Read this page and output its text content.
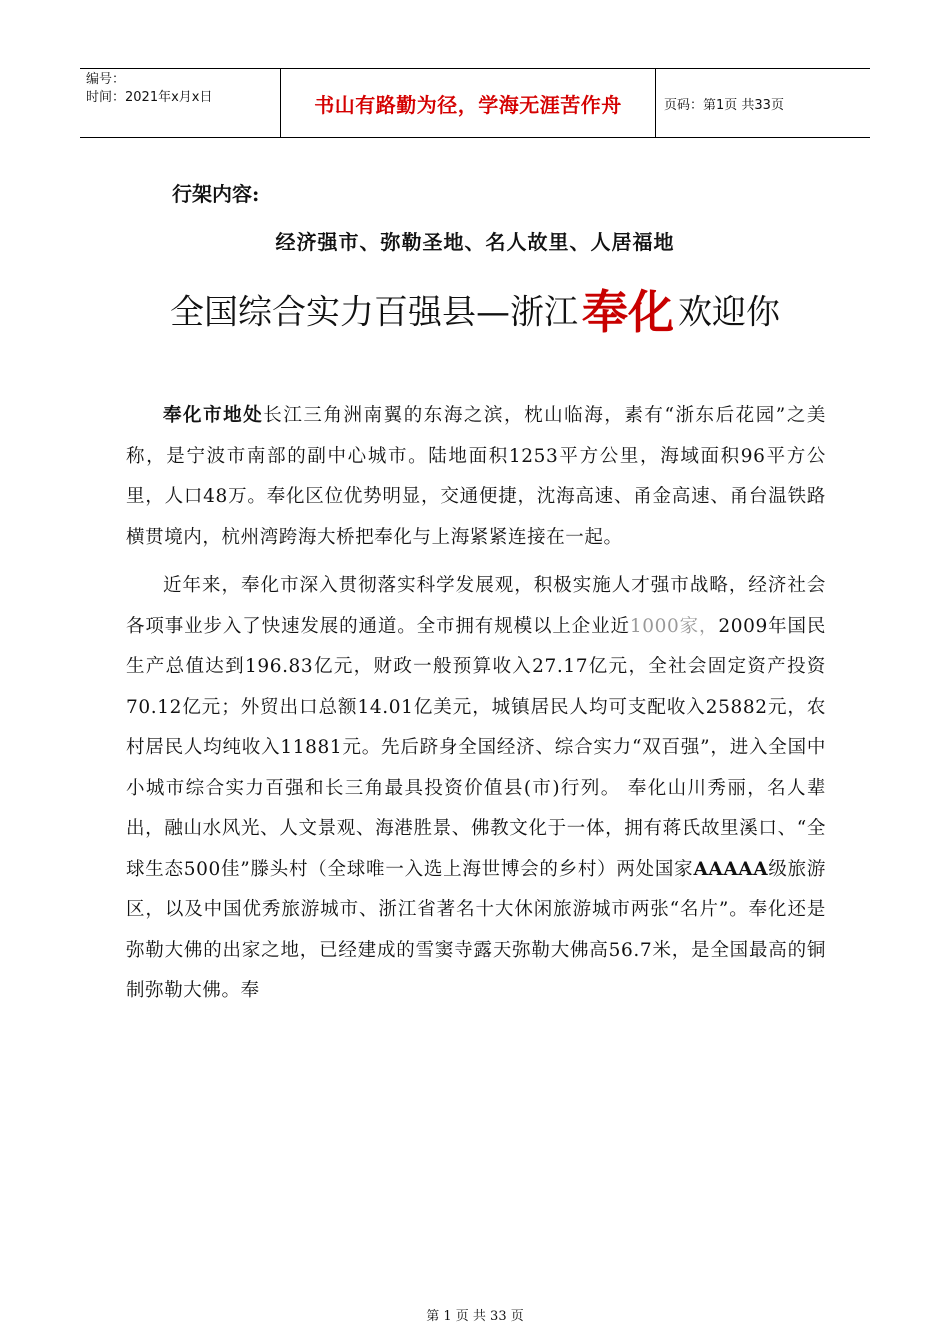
编号：
时间：2021年x月x日	书山有路勤为径，学海无涯苦作舟	页码：第1页 共33页
行架内容:
经济强市、弥勒圣地、名人故里、人居福地
全国综合实力百强县—浙江奉化 欢迎你

奉化市地处长江三角洲南翼的东海之滨，枕山临海，素有“浙东后花园”之美称，是宁波市南部的副中心城市。陆地面积1253平方公里，海域面积96平方公里，人口48万。奉化区位优势明显，交通便捷，沈海高速、甬金高速、甬台温铁路横贯境内，杭州湾跨海大桥把奉化与上海紧紧连接在一起。

近年来，奉化市深入贯彻落实科学发展观，积极实施人才强市战略，经济社会各项事业步入了快速发展的通道。全市拥有规模以上企业近1000家，2009年国民生产总值达到196.83亿元，财政一般预算收入27.17亿元，全社会固定资产投资70.12亿元；外贸出口总额14.01亿美元，城镇居民人均可支配收入25882元，农村居民人均纯收入11881元。先后跻身全国经济、综合实力“双百强”，进入全国中小城市综合实力百强和长三角最具投资价值县(市)行列。 奉化山川秀丽，名人辈出，融山水风光、人文景观、海港胜景、佛教文化于一体，拥有蒋氏故里溪口、“全球生态500佳”滕头村（全球唯一入选上海世博会的乡村）两处国家AAAAA级旅游区，以及中国优秀旅游城市、浙江省著名十大休闲旅游城市两张“名片”。奉化还是弥勒大佛的出家之地，已经建成的雪窦寺露天弥勒大佛高56.7米，是全国最高的铜制弥勒大佛。奉

第 1 页 共 33 页
